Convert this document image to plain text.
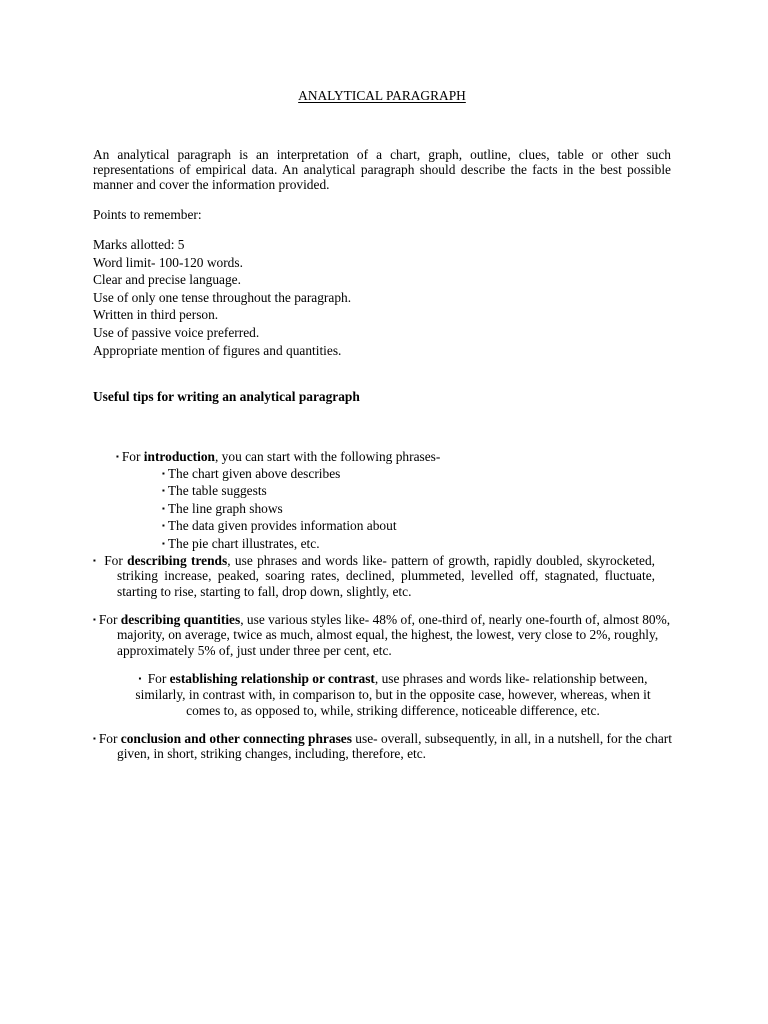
ANALYTICAL PARAGRAPH

An analytical paragraph is an interpretation of a chart, graph, outline, clues, table or other such representations of empirical data. An analytical paragraph should describe the facts in the best possible manner and cover the information provided.

Points to remember:

Marks allotted: 5
Word limit- 100-120 words.
Clear and precise language.
Use of only one tense throughout the paragraph.
Written in third person.
Use of passive voice preferred.
Appropriate mention of figures and quantities.

Useful tips for writing an analytical paragraph

▪ For introduction, you can start with the following phrases-

▪ The chart given above describes
▪ The table suggests
▪ The line graph shows
▪ The data given provides information about
▪ The pie chart illustrates, etc.

▪ For describing trends, use phrases and words like- pattern of growth, rapidly doubled, skyrocketed, striking increase, peaked, soaring rates, declined, plummeted, levelled off, stagnated, fluctuate, starting to rise, starting to fall, drop down, slightly, etc.

▪ For describing quantities, use various styles like- 48% of, one-third of, nearly one-fourth of, almost 80%, majority, on average, twice as much, almost equal, the highest, the lowest, very close to 2%, roughly, approximately 5% of, just under three per cent, etc.

▪ For establishing relationship or contrast, use phrases and words like- relationship between, similarly, in contrast with, in comparison to, but in the opposite case, however, whereas, when it comes to, as opposed to, while, striking difference, noticeable difference, etc.

▪ For conclusion and other connecting phrases use- overall, subsequently, in all, in a nutshell, for the chart given, in short, striking changes, including, therefore, etc.
